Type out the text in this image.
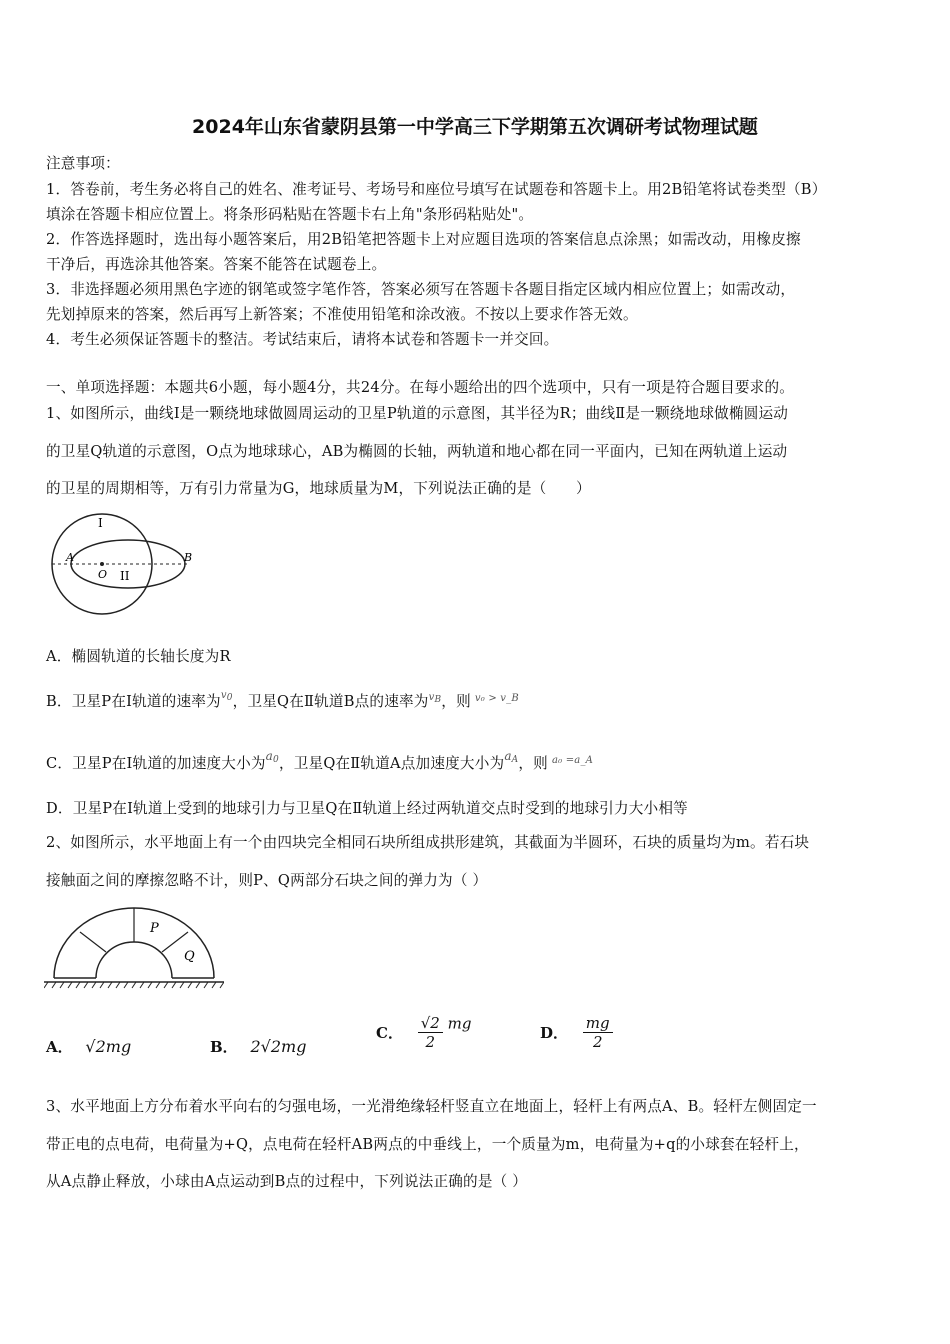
2024年山东省蒙阴县第一中学高三下学期第五次调研考试物理试题
注意事项：
1．答卷前，考生务必将自己的姓名、准考证号、考场号和座位号填写在试题卷和答题卡上。用2B铅笔将试卷类型（B）
填涂在答题卡相应位置上。将条形码粘贴在答题卡右上角"条形码粘贴处"。
2．作答选择题时，选出每小题答案后，用2B铅笔把答题卡上对应题目选项的答案信息点涂黑；如需改动，用橡皮擦
干净后，再选涂其他答案。答案不能答在试题卷上。
3．非选择题必须用黑色字迹的钢笔或签字笔作答，答案必须写在答题卡各题目指定区域内相应位置上；如需改动，
先划掉原来的答案，然后再写上新答案；不准使用铅笔和涂改液。不按以上要求作答无效。
4．考生必须保证答题卡的整洁。考试结束后，请将本试卷和答题卡一并交回。
一、单项选择题：本题共6小题，每小题4分，共24分。在每小题给出的四个选项中，只有一项是符合题目要求的。
1、如图所示，曲线Ⅰ是一颗绕地球做圆周运动的卫星P轨道的示意图，其半径为R；曲线Ⅱ是一颗绕地球做椭圆运动
的卫星Q轨道的示意图，O点为地球球心，AB为椭圆的长轴，两轨道和地心都在同一平面内，已知在两轨道上运动
的卫星的周期相等，万有引力常量为G，地球质量为M，下列说法正确的是（　　）
I
II
A	B
O
A．椭圆轨道的长轴长度为R
B．卫星P在Ⅰ轨道的速率为$^{v0}$，卫星Q在Ⅱ轨道B点的速率为$^{vB}$，则 $^{v_0 > v\_B}$
C．卫星P在Ⅰ轨道的加速度大小为$^{a_0}$，卫星Q在Ⅱ轨道A点加速度大小为$^{a_A}$，则 $^{a_0 =a\_A}$
D．卫星P在Ⅰ轨道上受到的地球引力与卫星Q在Ⅱ轨道上经过两轨道交点时受到的地球引力大小相等
2、如图所示，水平地面上有一个由四块完全相同石块所组成拱形建筑，其截面为半圆环，石块的质量均为m。若石块
接触面之间的摩擦忽略不计，则P、Q两部分石块之间的弹力为（ ）
P
Q
A． √2mg	B． 2√2mg
C． $\frac{√2}{2}$ mg
D． $\frac{mg}{2}$
3、水平地面上方分布着水平向右的匀强电场，一光滑绝缘轻杆竖直立在地面上，轻杆上有两点A、B。轻杆左侧固定一
带正电的点电荷，电荷量为+Q，点电荷在轻杆AB两点的中垂线上，一个质量为m，电荷量为+q的小球套在轻杆上，
从A点静止释放，小球由A点运动到B点的过程中，下列说法正确的是（ ）
